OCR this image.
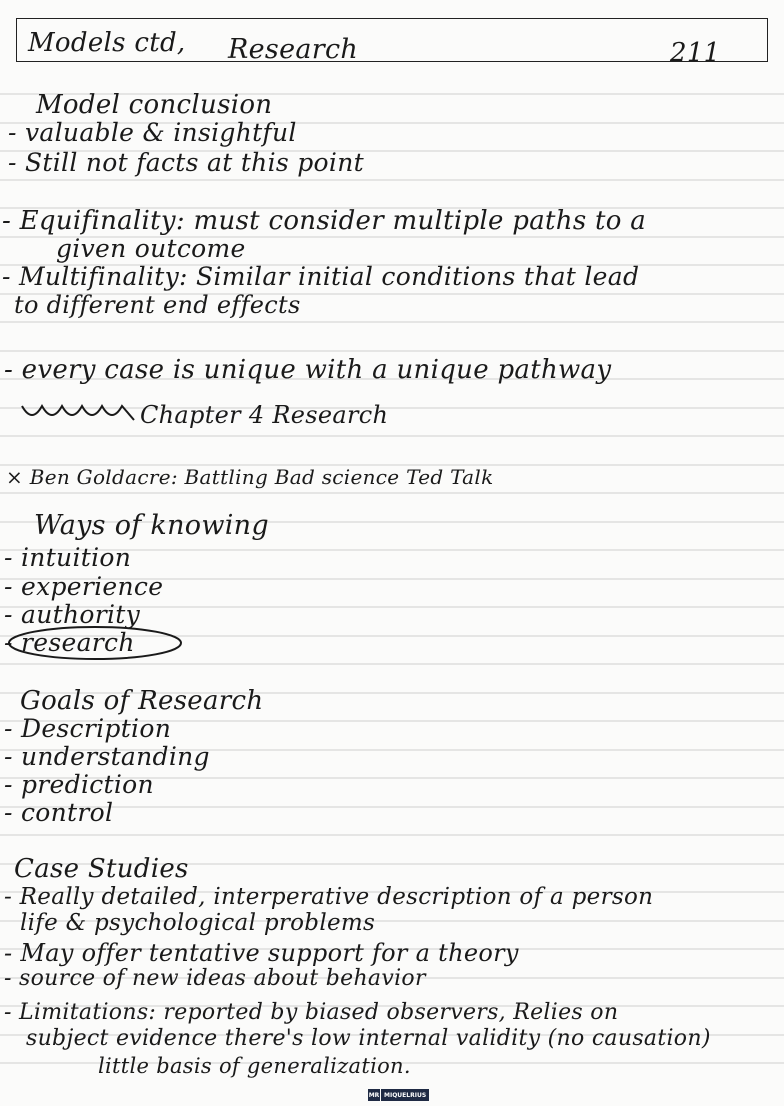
Models ctd, Research	211
Model conclusion
- valuable & insightful
- Still not facts at this point
- Equifinality: must consider multiple paths to a
given outcome
- Multifinality: Similar initial conditions that lead
to different end effects
- every case is unique with a unique pathway
Chapter 4 Research
× Ben Goldacre: Battling Bad science Ted Talk
Ways of knowing
- intuition
- experience
- authority
- research
Goals of Research
- Description
- understanding
- prediction
- control
Case Studies
- Really detailed, interperative description of a person
life & psychological problems
- May offer tentative support for a theory
- source of new ideas about behavior
- Limitations: reported by biased observers, Relies on
subject evidence there's low internal validity (no causation)
little basis of generalization.
MR MIQUELRIUS
